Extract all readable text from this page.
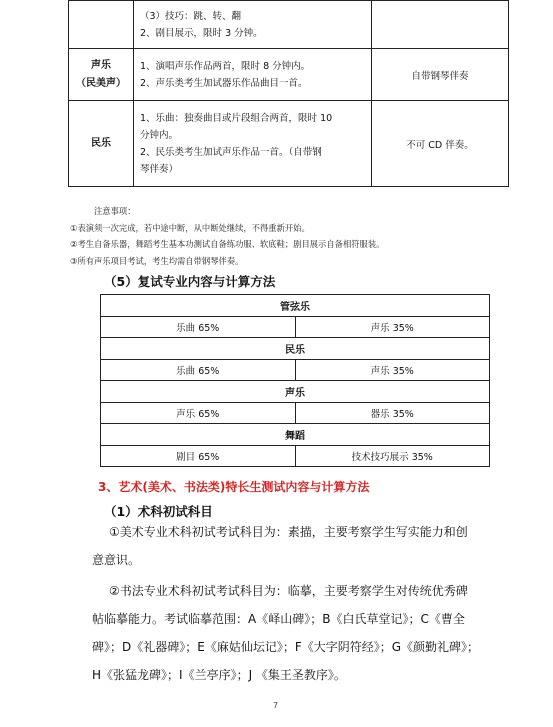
	（3）技巧：跳、转、翻
2、剧目展示，限时 3 分钟。	

声乐
（民美声）	1、演唱声乐作品两首，限时 8 分钟内。
2、声乐类考生加试器乐作品曲目一首。	自带钢琴伴奏
民乐	1、乐曲：独奏曲目或片段组合两首，限时 10
分钟内。
2、民乐类考生加试声乐作品一首。（自带钢
琴伴奏）	不可 CD 伴奏。
注意事项：
①表演须一次完成，若中途中断，从中断处继续，不得重新开始。
②考生自备乐器，舞蹈考生基本功测试自备练功服、软底鞋；剧目展示自备相符服装。
③所有声乐项目考试，考生均需自带钢琴伴奏。
（5）复试专业内容与计算方法
管弦乐	
乐曲 65%	声乐 35%
民乐	
乐曲 65%	声乐 35%
声乐	
声乐 65%	器乐 35%
舞蹈	
剧目 65%	技术技巧展示 35%
3、艺术(美术、书法类)特长生测试内容与计算方法
（1）术科初试科目
①美术专业术科初试考试科目为：素描，主要考察学生写实能力和创
意意识。
②书法专业术科初试考试科目为：临摹，主要考察学生对传统优秀碑
帖临摹能力。考试临摹范围：A《峄山碑》；B《白氏草堂记》；C《曹全
碑》；D《礼器碑》；E《麻姑仙坛记》；F《大字阴符经》；G《颜勤礼碑》；
H《张猛龙碑》；I《兰亭序》；J 《集王圣教序》。
7
